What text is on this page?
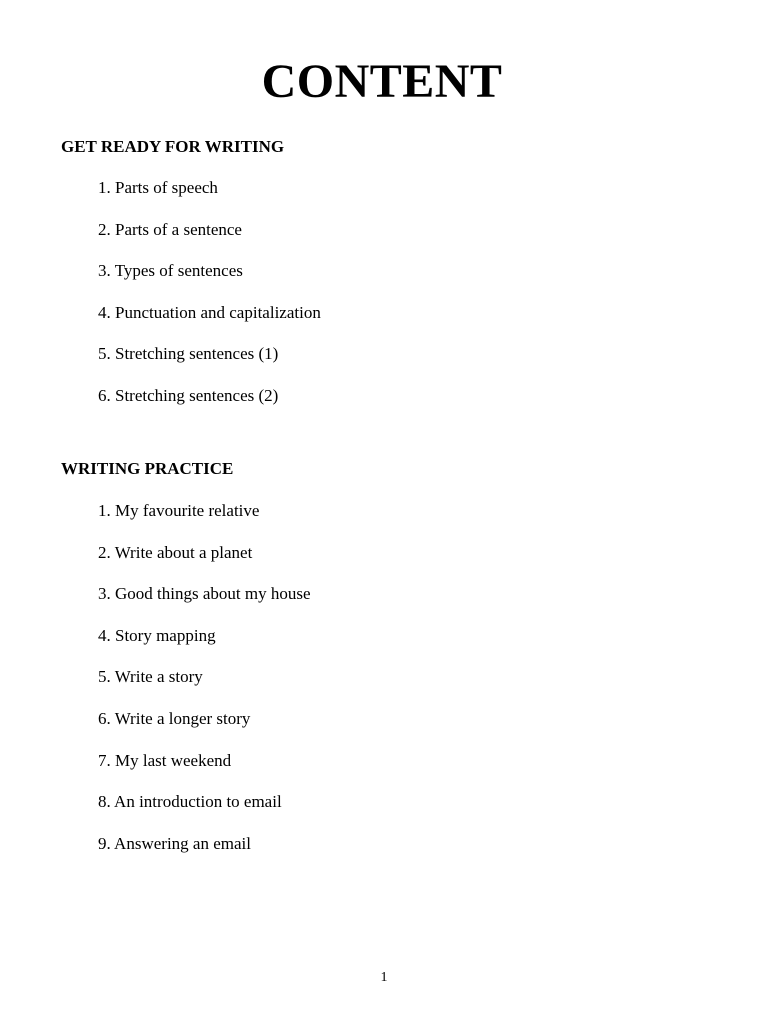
CONTENT
GET READY FOR WRITING
1. Parts of speech
2. Parts of a sentence
3. Types of sentences
4. Punctuation and capitalization
5. Stretching sentences (1)
6. Stretching sentences (2)
WRITING PRACTICE
1. My favourite relative
2. Write about a planet
3. Good things about my house
4. Story mapping
5. Write a story
6. Write a longer story
7. My last weekend
8. An introduction to email
9. Answering an email
1
